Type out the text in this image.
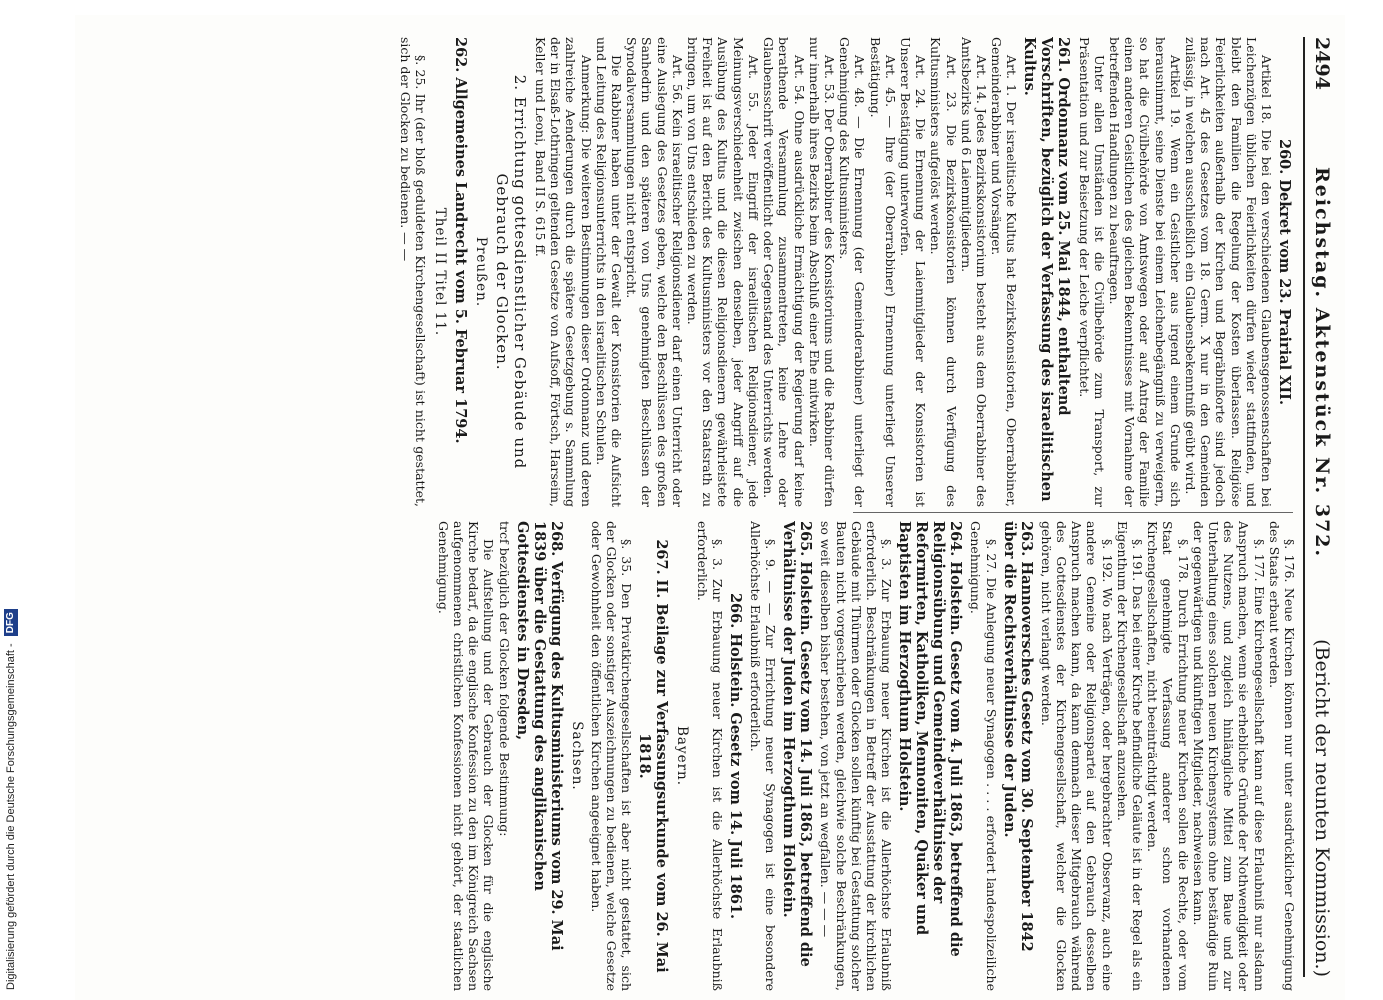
2494
Reichstag. Aktenstück Nr. 372.
(Bericht der neunten Kommission.)

260. Dekret vom 23. Prairial XII.

Artikel 18. Die bei den verschiedenen Glaubensgenossenschaften bei Leichenzügen üblichen Feierlichkeiten dürfen wieder stattfinden, und bleibt den Familien die Regelung der Kosten überlassen. Religiöse Feierlichkeiten außerhalb der Kirchen und Begräbnißorte sind jedoch nach Art. 45 des Gesetzes vom 18. Germ. X nur in den Gemeinden zulässig, in welchen ausschließlich ein Glaubensbekenntniß geübt wird.

Artikel 19. Wenn ein Geistlicher aus irgend einem Grunde sich herausnimmt, seine Dienste bei einem Leichenbegängniß zu verweigern, so hat die Civilbehörde von Amtswegen oder auf Antrag der Familie einen anderen Geistlichen des gleichen Bekenntnisses mit Vornahme der betreffenden Handlungen zu beauftragen.

Unter allen Umständen ist die Civilbehörde zum Transport, zur Präsentation und zur Beisetzung der Leiche verpflichtet.

261. Ordonnanz vom 25. Mai 1844, enthaltend Vorschriften, bezüglich der Verfassung des israelitischen Kultus.

Art. 1. Der israelitische Kultus hat Bezirkskonsistorien, Oberrabbiner, Gemeinderabbiner und Vorsänger.

Art. 14. Jedes Bezirkskonsistorium besteht aus dem Oberrabbiner des Amtsbezirks und 6 Laienmitgliedern.

Art. 23. Die Bezirkskonsistorien können durch Verfügung des Kultusministers aufgelöst werden.

Art. 24. Die Ernennung der Laienmitglieder der Konsistorien ist Unserer Bestätigung unterworfen.

Art. 45. — Ihre (der Oberrabbiner) Ernennung unterliegt Unserer Bestätigung.

Art. 48. — Die Ernennung (der Gemeinderabbiner) unterliegt der Genehmigung des Kultusministers.

Art. 53. Der Oberrabbiner des Konsistoriums und die Rabbiner dürfen nur innerhalb ihres Bezirks beim Abschluß einer Ehe mitwirken.

Art. 54. Ohne ausdrückliche Ermächtigung der Regierung darf keine berathende Versammlung zusammentreten, keine Lehre oder Glaubensschrift veröffentlicht oder Gegenstand des Unterrichts werden.

Art. 55. Jeder Eingriff der israelitischen Religionsdiener, jede Meinungsverschiedenheit zwischen denselben, jeder Angriff auf die Ausübung des Kultus und die diesen Religionsdienern gewährleistete Freiheit ist auf den Bericht des Kultusministers vor den Staatsrath zu bringen, um von Uns entschieden zu werden.

Art. 56. Kein israelitischer Religionsdiener darf einen Unterricht oder eine Auslegung des Gesetzes geben, welche den Beschlüssen des großen Sanhedrin und den späteren von Uns genehmigten Beschlüssen der Synodalversammlungen nicht entspricht.

Die Rabbiner haben unter der Gewalt der Konsistorien die Aufsicht und Leitung des Religionsunterrichts in den israelitischen Schulen.

Anmerkung: Die weiteren Bestimmungen dieser Ordonnanz und deren zahlreiche Aenderungen durch die spätere Gesetzgebung s. Sammlung der in Elsaß-Lothringen geltenden Gesetze von Aufsoff, Förtsch, Harseim, Keller und Leoni, Band II S. 615 ff.

2. Errichtung gottesdienstlicher Gebäude und Gebrauch der Glocken.

Preußen.

262. Allgemeines Landrecht vom 5. Februar 1794.

Theil II Titel 11.

§. 25. Ihr (der bloß geduldeten Kirchengesellschaft) ist nicht gestattet, sich der Glocken zu bedienen. — —

§. 176. Neue Kirchen können nur unter ausdrücklicher Genehmigung des Staats erbaut werden.

§. 177. Eine Kirchengesellschaft kann auf diese Erlaubniß nur alsdann Anspruch machen, wenn sie erhebliche Gründe der Nothwendigkeit oder des Nutzens, und zugleich hinlängliche Mittel zum Baue und zur Unterhaltung eines solchen neuen Kirchensystems ohne beständige Ruin der gegenwärtigen und künftigen Mitglieder, nachweisen kann.

§. 178. Durch Errichtung neuer Kirchen sollen die Rechte, oder vom Staat genehmigte Verfassung anderer schon vorhandenen Kirchengesellschaften, nicht beeinträchtigt werden.

§. 191. Das bei einer Kirche befindliche Geläute ist in der Regel als ein Eigenthum der Kirchengesellschaft anzusehen.

§. 192. Wo nach Verträgen, oder hergebrachter Observanz, auch eine andere Gemeine oder Religionspartei auf den Gebrauch desselben Anspruch machen kann, da kann demnach dieser Mitgebrauch während des Gottesdienstes der Kirchengesellschaft, welcher die Glocken gehören, nicht verlangt werden.

263. Hannoversches Gesetz vom 30. September 1842 über die Rechtsverhältnisse der Juden.

§. 27. Die Anlegung neuer Synagogen . . . . erfordert landespolizeiliche Genehmigung.

264. Holstein. Gesetz vom 4. Juli 1863, betreffend die Religionsübung und Gemeindeverhältnisse der Reformirten, Katholiken, Mennoniten, Quäker und Baptisten im Herzogthum Holstein.

§. 3. Zur Erbauung neuer Kirchen ist die Allerhöchste Erlaubniß erforderlich. Beschränkungen in Betreff der Ausstattung der kirchlichen Gebäude mit Thürmen oder Glocken sollen künftig bei Gestattung solcher Bauten nicht vorgeschrieben werden, gleichwie solche Beschränkungen, so weit dieselben bisher bestehen, von jetzt an wegfallen. — — —

265. Holstein. Gesetz vom 14. Juli 1863, betreffend die Verhältnisse der Juden im Herzogthum Holstein.

§. 9. — — Zur Errichtung neuer Synagogen ist eine besondere Allerhöchste Erlaubniß erforderlich.

266. Holstein. Gesetz vom 14. Juli 1861.

§. 3. Zur Erbauung neuer Kirchen ist die Allerhöchste Erlaubniß erforderlich.

Bayern.

267. II. Beilage zur Verfassungsurkunde vom 26. Mai 1818.

§. 35. Den Privatkirchengesellschaften ist aber nicht gestattet, sich der Glocken oder sonstiger Auszeichnungen zu bedienen, welche Gesetze oder Gewohnheit den öffentlichen Kirchen angeeignet haben.

Sachsen.

268. Verfügung des Kultusministeriums vom 29. Mai 1839 über die Gestattung des anglikanischen Gottesdienstes in Dresden,

trcf bezüglich der Glocken folgende Bestimmung:

Die Aufstellung und der Gebrauch der Glocken für die englische Kirche bedarf, da die englische Konfession zu den im Königreich Sachsen aufgenommenen christlichen Konfessionen nicht gehört, der staatlichen Genehmigung.

Digitalisierung gefördert durch die Deutsche Forschungsgemeinschaft - DFG
